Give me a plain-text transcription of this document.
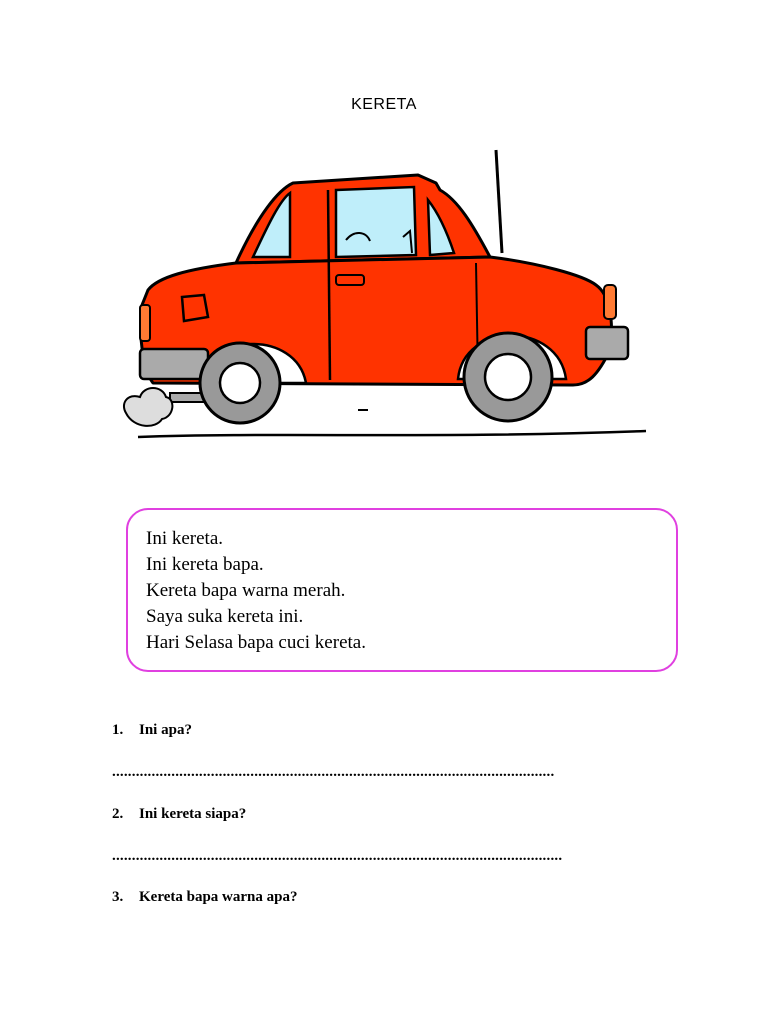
KERETA
Ini kereta.
Ini kereta bapa.
Kereta bapa warna merah.
Saya suka kereta ini.
Hari Selasa bapa cuci kereta.
1. Ini apa?
................................................................................................................
2. Ini kereta siapa?
..................................................................................................................
3. Kereta bapa warna apa?
